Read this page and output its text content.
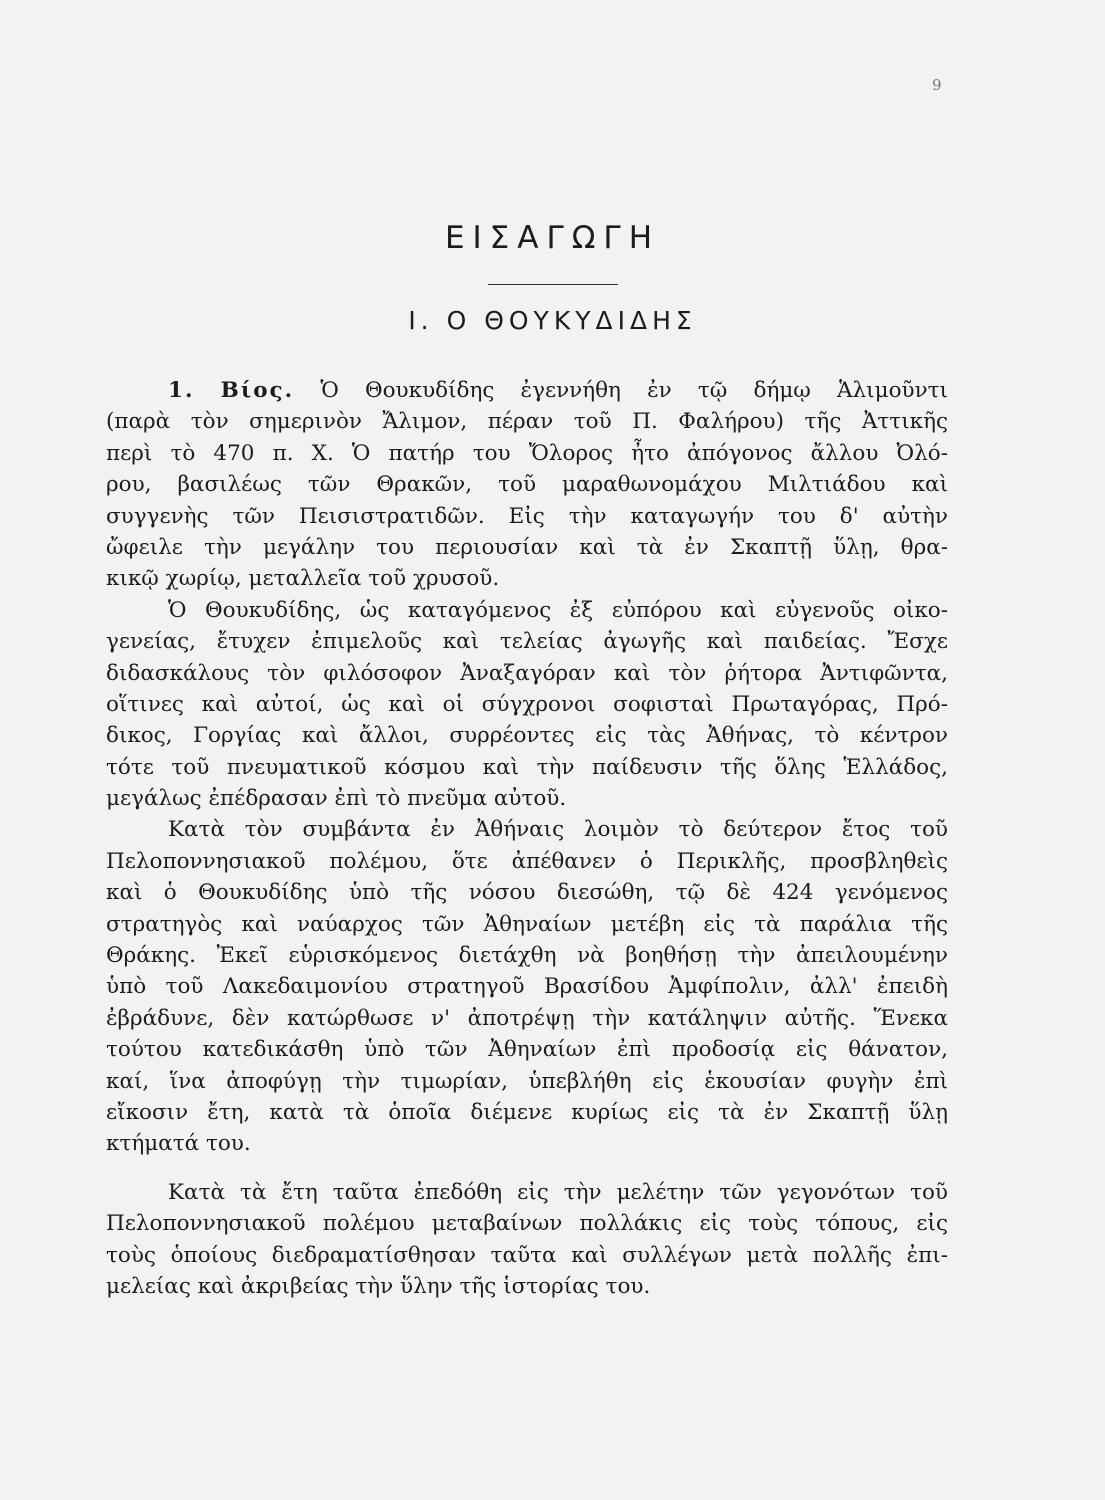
9
ΕΙΣΑΓΩΓΗ
Ι. Ο ΘΟΥΚΥΔΙΔΗΣ
1. Βίος. Ὁ Θουκυδίδης ἐγεννήθη ἐν τῷ δήμῳ Ἁλιμοῦντι
(παρὰ τὸν σημερινὸν Ἄλιμον, πέραν τοῦ Π. Φαλήρου) τῆς Ἀττικῆς
περὶ τὸ 470 π. Χ. Ὁ πατήρ του Ὄλορος ἦτο ἀπόγονος ἄλλου Ὀλό-
ρου, βασιλέως τῶν Θρακῶν, τοῦ μαραθωνομάχου Μιλτιάδου καὶ
συγγενὴς τῶν Πεισιστρατιδῶν. Εἰς τὴν καταγωγήν του δ' αὐτὴν
ὤφειλε τὴν μεγάλην του περιουσίαν καὶ τὰ ἐν Σκαπτῇ ὕλῃ, θρα-
κικῷ χωρίῳ, μεταλλεῖα τοῦ χρυσοῦ.
Ὁ Θουκυδίδης, ὡς καταγόμενος ἐξ εὐπόρου καὶ εὐγενοῦς οἰκο-
γενείας, ἔτυχεν ἐπιμελοῦς καὶ τελείας ἀγωγῆς καὶ παιδείας. Ἔσχε
διδασκάλους τὸν φιλόσοφον Ἀναξαγόραν καὶ τὸν ῥήτορα Ἀντιφῶντα,
οἵτινες καὶ αὐτοί, ὡς καὶ οἱ σύγχρονοι σοφισταὶ Πρωταγόρας, Πρό-
δικος, Γοργίας καὶ ἄλλοι, συρρέοντες εἰς τὰς Ἀθήνας, τὸ κέντρον
τότε τοῦ πνευματικοῦ κόσμου καὶ τὴν παίδευσιν τῆς ὅλης Ἑλλάδος,
μεγάλως ἐπέδρασαν ἐπὶ τὸ πνεῦμα αὐτοῦ.
Κατὰ τὸν συμβάντα ἐν Ἀθήναις λοιμὸν τὸ δεύτερον ἔτος τοῦ
Πελοποννησιακοῦ πολέμου, ὅτε ἀπέθανεν ὁ Περικλῆς, προσβληθεὶς
καὶ ὁ Θουκυδίδης ὑπὸ τῆς νόσου διεσώθη, τῷ δὲ 424 γενόμενος
στρατηγὸς καὶ ναύαρχος τῶν Ἀθηναίων μετέβη εἰς τὰ παράλια τῆς
Θράκης. Ἐκεῖ εὑρισκόμενος διετάχθη νὰ βοηθήσῃ τὴν ἀπειλουμένην
ὑπὸ τοῦ Λακεδαιμονίου στρατηγοῦ Βρασίδου Ἀμφίπολιν, ἀλλ' ἐπειδὴ
ἐβράδυνε, δὲν κατώρθωσε ν' ἀποτρέψῃ τὴν κατάληψιν αὐτῆς. Ἕνεκα
τούτου κατεδικάσθη ὑπὸ τῶν Ἀθηναίων ἐπὶ προδοσίᾳ εἰς θάνατον,
καί, ἵνα ἀποφύγῃ τὴν τιμωρίαν, ὑπεβλήθη εἰς ἑκουσίαν φυγὴν ἐπὶ
εἴκοσιν ἔτη, κατὰ τὰ ὁποῖα διέμενε κυρίως εἰς τὰ ἐν Σκαπτῇ ὕλῃ
κτήματά του.
Κατὰ τὰ ἔτη ταῦτα ἐπεδόθη εἰς τὴν μελέτην τῶν γεγονότων τοῦ
Πελοποννησιακοῦ πολέμου μεταβαίνων πολλάκις εἰς τοὺς τόπους, εἰς
τοὺς ὁποίους διεδραματίσθησαν ταῦτα καὶ συλλέγων μετὰ πολλῆς ἐπι-
μελείας καὶ ἀκριβείας τὴν ὕλην τῆς ἱστορίας του.
